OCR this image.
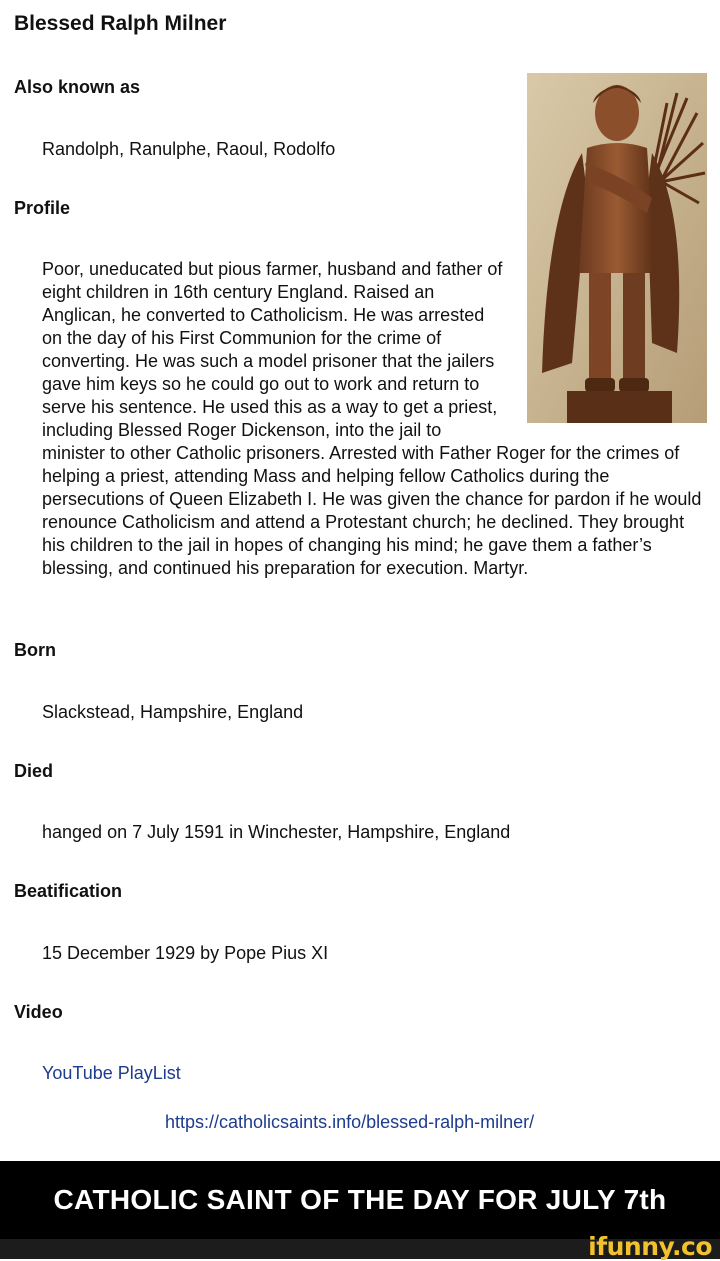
Blessed Ralph Milner
Also known as
Randolph, Ranulphe, Raoul, Rodolfo
Profile
Poor, uneducated but pious farmer, husband and father of eight children in 16th century England. Raised an Anglican, he converted to Catholicism. He was arrested on the day of his First Communion for the crime of converting. He was such a model prisoner that the jailers gave him keys so he could go out to work and return to serve his sentence. He used this as a way to get a priest, including Blessed Roger Dickenson, into the jail to minister to other Catholic prisoners. Arrested with Father Roger for the crimes of helping a priest, attending Mass and helping fellow Catholics during the persecutions of Queen Elizabeth I. He was given the chance for pardon if he would renounce Catholicism and attend a Protestant church; he declined. They brought his children to the jail in hopes of changing his mind; he gave them a father’s blessing, and continued his preparation for execution. Martyr.
Born
Slackstead, Hampshire, England
Died
hanged on 7 July 1591 in Winchester, Hampshire, England
Beatification
15 December 1929 by Pope Pius XI
Video
YouTube PlayList
https://catholicsaints.info/blessed-ralph-milner/
CATHOLIC SAINT OF THE DAY FOR JULY 7th
ifunny.co
